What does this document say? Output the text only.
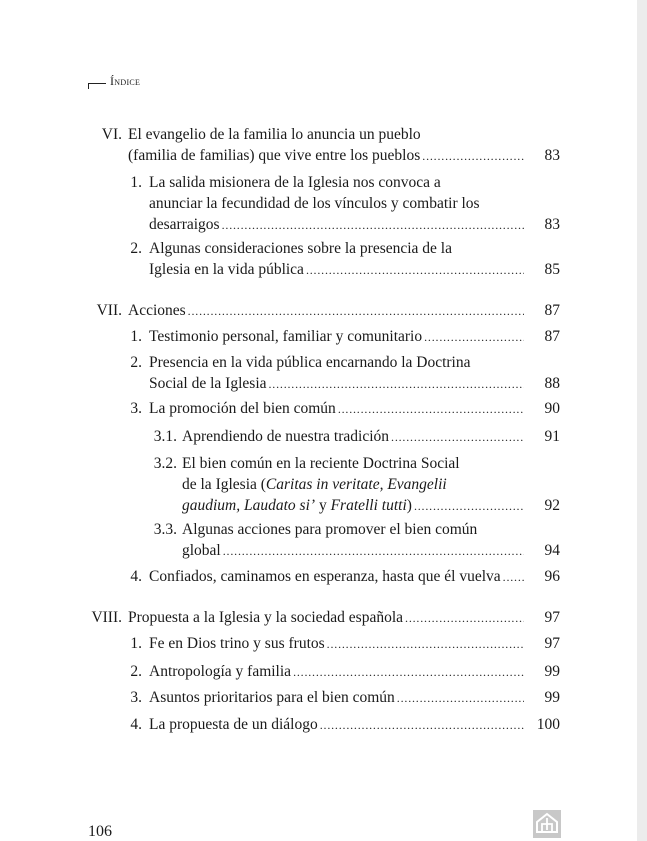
Índice
VI. El evangelio de la familia lo anuncia un pueblo
(familia de familias) que vive entre los pueblos .....	83
1. La salida misionera de la Iglesia nos convoca a
anunciar la fecundidad de los vínculos y combatir los
desarraigos .....	83
2. Algunas consideraciones sobre la presencia de la
Iglesia en la vida pública .....	85
VII. Acciones .....	87
1. Testimonio personal, familiar y comunitario .....	87
2. Presencia en la vida pública encarnando la Doctrina
Social de la Iglesia .....	88
3. La promoción del bien común .....	90
3.1. Aprendiendo de nuestra tradición .....	91
3.2. El bien común en la reciente Doctrina Social
de la Iglesia (Caritas in veritate, Evangelii
gaudium, Laudato si’ y Fratelli tutti) .....	92
3.3. Algunas acciones para promover el bien común
global .....	94
4. Confiados, caminamos en esperanza, hasta que él vuelva .....	96
VIII. Propuesta a la Iglesia y la sociedad española .....	97
1. Fe en Dios trino y sus frutos .....	97
2. Antropología y familia .....	99
3. Asuntos prioritarios para el bien común .....	99
4. La propuesta de un diálogo .....	100
106
